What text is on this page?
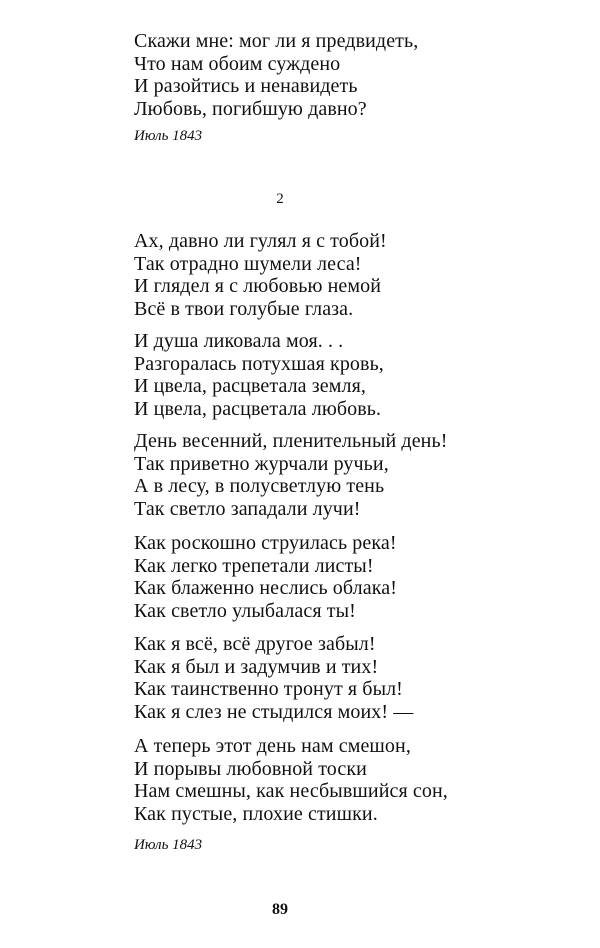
Скажи мне: мог ли я предвидеть,
Что нам обоим суждено
И разойтись и ненавидеть
Любовь, погибшую давно?
Июль 1843
2
Ах, давно ли гулял я с тобой!
Так отрадно шумели леса!
И глядел я с любовью немой
Всё в твои голубые глаза.
И душа ликовала моя. . .
Разгоралась потухшая кровь,
И цвела, расцветала земля,
И цвела, расцветала любовь.
День весенний, пленительный день!
Так приветно журчали ручьи,
А в лесу, в полусветлую тень
Так светло западали лучи!
Как роскошно струилась река!
Как легко трепетали листы!
Как блаженно неслись облака!
Как светло улыбалася ты!
Как я всё, всё другое забыл!
Как я был и задумчив и тих!
Как таинственно тронут я был!
Как я слез не стыдился моих! —
А теперь этот день нам смешон,
И порывы любовной тоски
Нам смешны, как несбывшийся сон,
Как пустые, плохие стишки.
Июль 1843
89
